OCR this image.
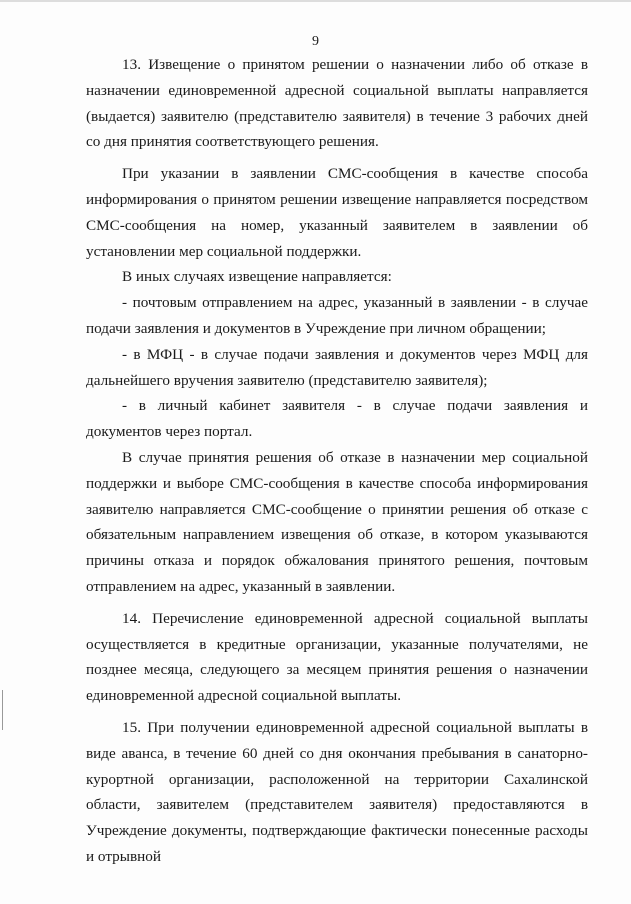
9

13. Извещение о принятом решении о назначении либо об отказе в назначении единовременной адресной социальной выплаты направляется (выдается) заявителю (представителю заявителя) в течение 3 рабочих дней со дня принятия соответствующего решения.

При указании в заявлении СМС-сообщения в качестве способа информирования о принятом решении извещение направляется посредством СМС-сообщения на номер, указанный заявителем в заявлении об установлении мер социальной поддержки.

В иных случаях извещение направляется:

- почтовым отправлением на адрес, указанный в заявлении - в случае подачи заявления и документов в Учреждение при личном обращении;

- в МФЦ - в случае подачи заявления и документов через МФЦ для дальнейшего вручения заявителю (представителю заявителя);

- в личный кабинет заявителя - в случае подачи заявления и документов через портал.

В случае принятия решения об отказе в назначении мер социальной поддержки и выборе СМС-сообщения в качестве способа информирования заявителю направляется СМС-сообщение о принятии решения об отказе с обязательным направлением извещения об отказе, в котором указываются причины отказа и порядок обжалования принятого решения, почтовым отправлением на адрес, указанный в заявлении.

14. Перечисление единовременной адресной социальной выплаты осуществляется в кредитные организации, указанные получателями, не позднее месяца, следующего за месяцем принятия решения о назначении единовременной адресной социальной выплаты.

15. При получении единовременной адресной социальной выплаты в виде аванса, в течение 60 дней со дня окончания пребывания в санаторно-курортной организации, расположенной на территории Сахалинской области, заявителем (представителем заявителя) предоставляются в Учреждение документы, подтверждающие фактически понесенные расходы и отрывной
